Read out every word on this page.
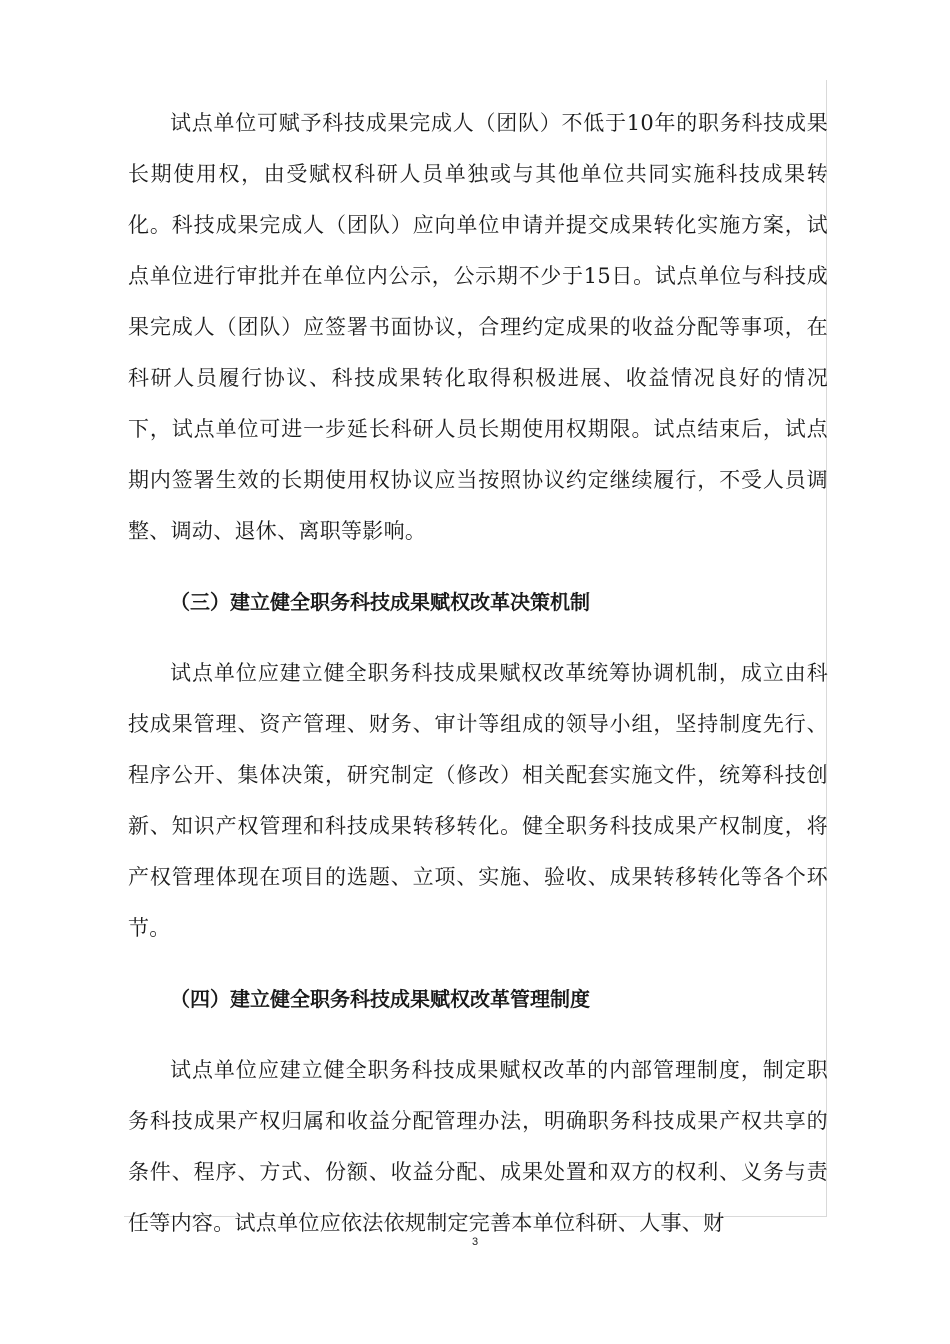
试点单位可赋予科技成果完成人（团队）不低于10年的职务科技成果长期使用权，由受赋权科研人员单独或与其他单位共同实施科技成果转化。科技成果完成人（团队）应向单位申请并提交成果转化实施方案，试点单位进行审批并在单位内公示，公示期不少于15日。试点单位与科技成果完成人（团队）应签署书面协议，合理约定成果的收益分配等事项，在科研人员履行协议、科技成果转化取得积极进展、收益情况良好的情况下，试点单位可进一步延长科研人员长期使用权期限。试点结束后，试点期内签署生效的长期使用权协议应当按照协议约定继续履行，不受人员调整、调动、退休、离职等影响。

（三）建立健全职务科技成果赋权改革决策机制

试点单位应建立健全职务科技成果赋权改革统筹协调机制，成立由科技成果管理、资产管理、财务、审计等组成的领导小组，坚持制度先行、程序公开、集体决策，研究制定（修改）相关配套实施文件，统筹科技创新、知识产权管理和科技成果转移转化。健全职务科技成果产权制度，将产权管理体现在项目的选题、立项、实施、验收、成果转移转化等各个环节。

（四）建立健全职务科技成果赋权改革管理制度

试点单位应建立健全职务科技成果赋权改革的内部管理制度，制定职务科技成果产权归属和收益分配管理办法，明确职务科技成果产权共享的条件、程序、方式、份额、收益分配、成果处置和双方的权利、义务与责任等内容。试点单位应依法依规制定完善本单位科研、人事、财

3
